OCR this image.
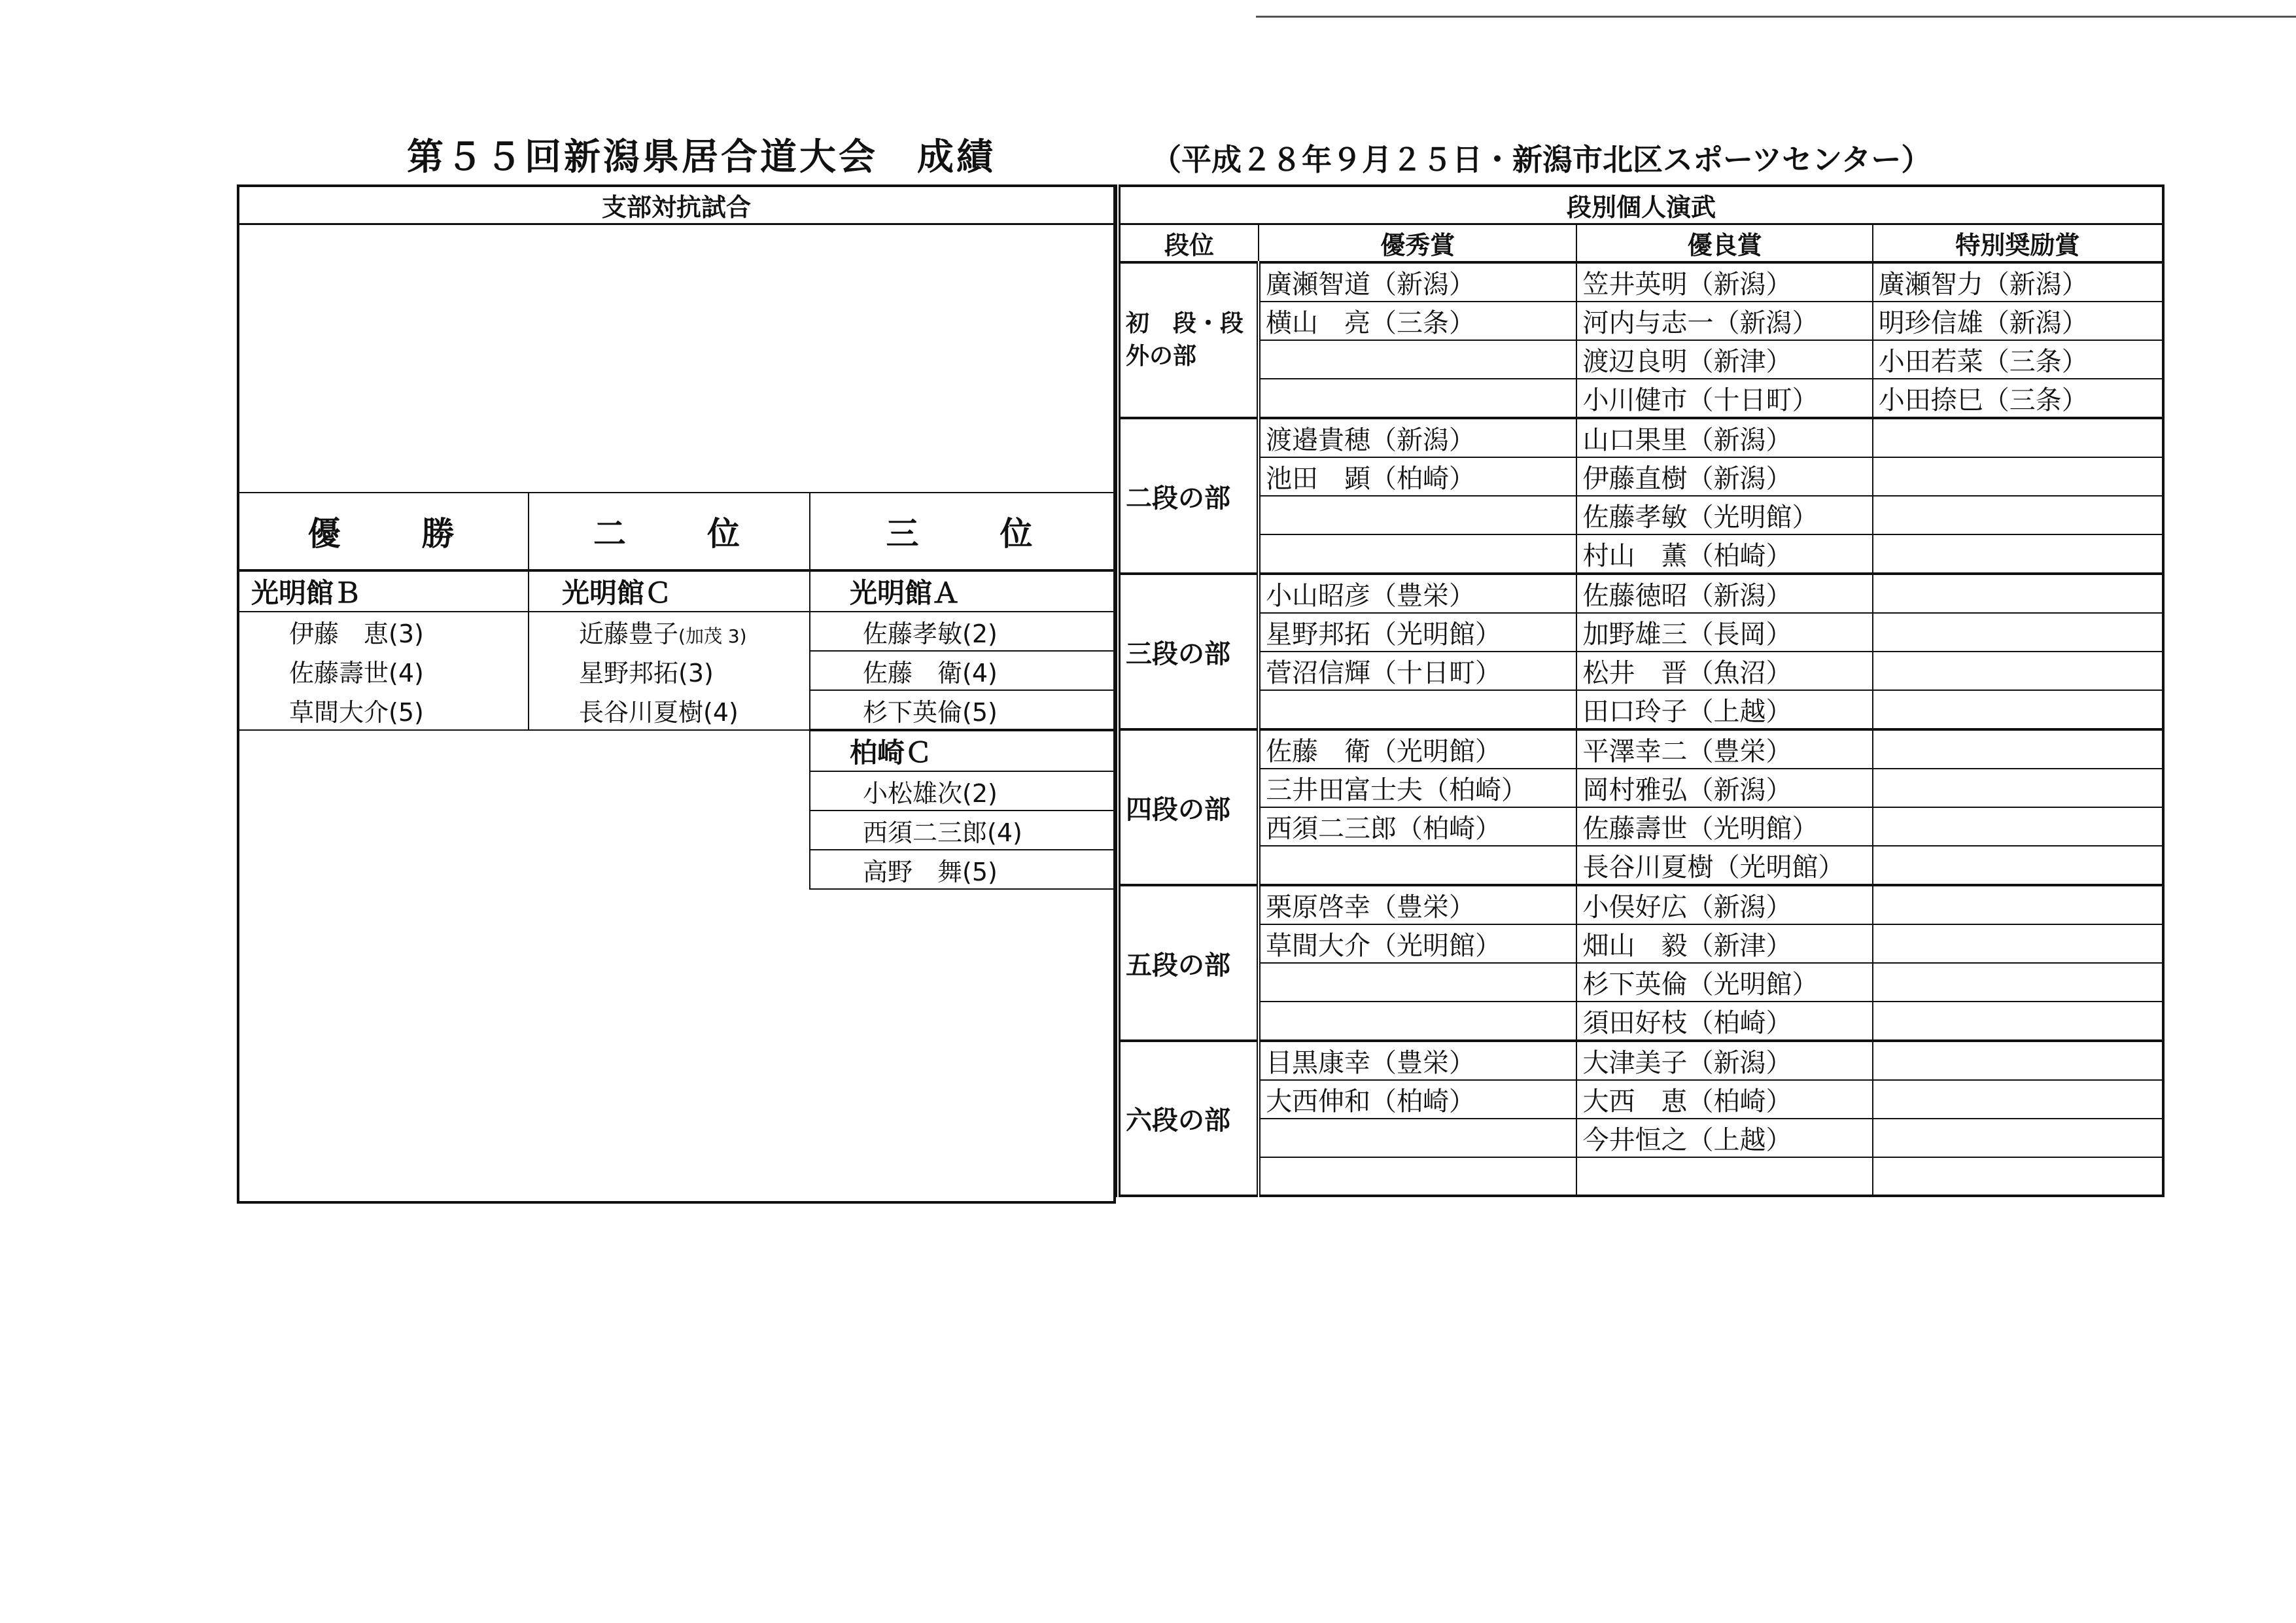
第５５回新潟県居合道大会　成績	（平成２８年９月２５日・新潟市北区スポーツセンター）
支部対抗試合		

優　　勝	二　　位	三　　位
光明館Ｂ	光明館Ｃ	光明館Ａ
伊藤　恵(3)	近藤豊子(加茂 3)	佐藤孝敏(2)
佐藤壽世(4)	星野邦拓(3)	佐藤　衛(4)
草間大介(5)	長谷川夏樹(4)	杉下英倫(5)
		柏崎Ｃ
		小松雄次(2)
		西須二三郎(4)
		高野　舞(5)

段別個人演武			
段位	優秀賞	優良賞	特別奨励賞
初　段・段外の部	廣瀬智道（新潟）	笠井英明（新潟）	廣瀬智力（新潟）
	横山　亮（三条）	河内与志一（新潟）	明珍信雄（新潟）
		渡辺良明（新津）	小田若菜（三条）
		小川健市（十日町）	小田捺巳（三条）
二段の部	渡邉貴穂（新潟）	山口果里（新潟）	
	池田　顕（柏崎）	伊藤直樹（新潟）	
		佐藤孝敏（光明館）	
		村山　薫（柏崎）	
三段の部	小山昭彦（豊栄）	佐藤徳昭（新潟）	
	星野邦拓（光明館）	加野雄三（長岡）	
	菅沼信輝（十日町）	松井　晋（魚沼）	
		田口玲子（上越）	
四段の部	佐藤　衛（光明館）	平澤幸二（豊栄）	
	三井田富士夫（柏崎）	岡村雅弘（新潟）	
	西須二三郎（柏崎）	佐藤壽世（光明館）	
		長谷川夏樹（光明館）	
五段の部	栗原啓幸（豊栄）	小俣好広（新潟）	
	草間大介（光明館）	畑山　毅（新津）	
		杉下英倫（光明館）	
		須田好枝（柏崎）	
六段の部	目黒康幸（豊栄）	大津美子（新潟）	
	大西伸和（柏崎）	大西　恵（柏崎）	
		今井恒之（上越）	
